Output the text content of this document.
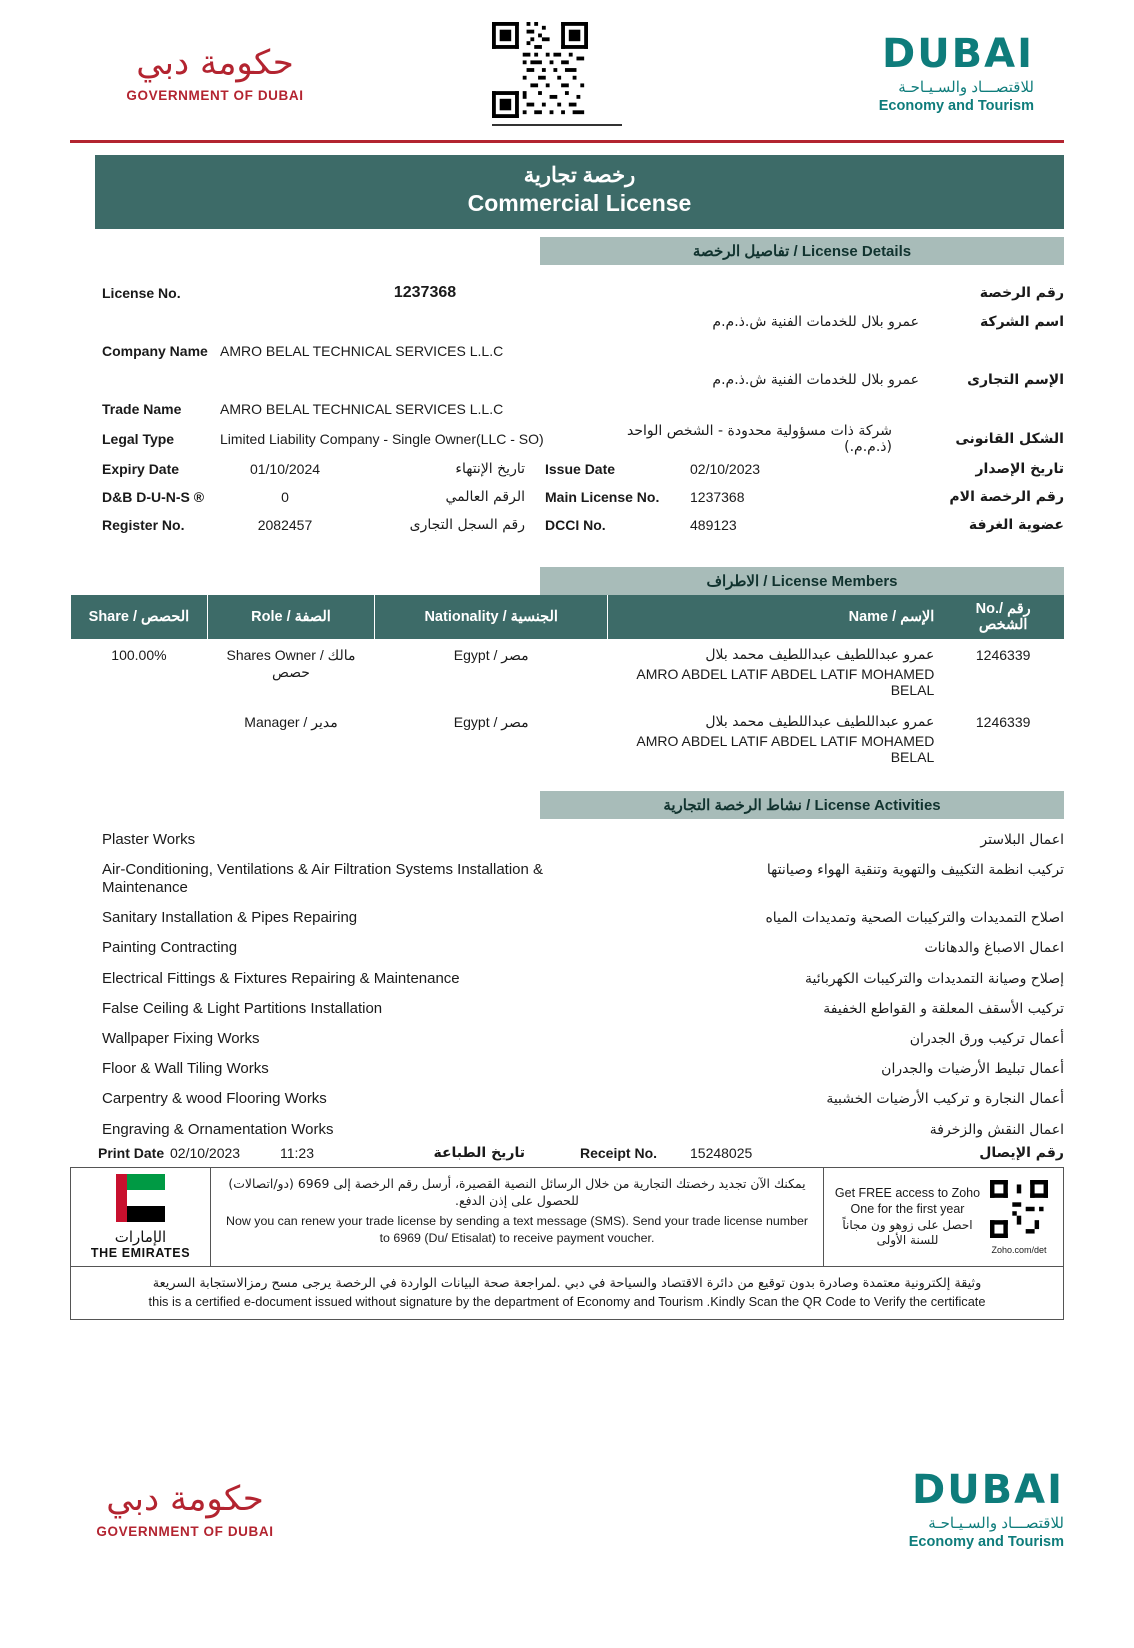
حكومة دبي
GOVERNMENT OF DUBAI
DUBAI
للاقتصـــاد والسـيـاحـة
Economy and Tourism
رخصة تجارية
Commercial License
تفاصيل الرخصة / License Details
License No.	1237368	رقم الرخصة
عمرو بلال للخدمات الفنية ش.ذ.م.م	اسم الشركة
Company Name AMRO BELAL TECHNICAL SERVICES L.L.C
عمرو بلال للخدمات الفنية ش.ذ.م.م	الإسم التجارى
Trade Name	AMRO BELAL TECHNICAL SERVICES L.L.C
Legal Type	Limited Liability Company - Single Owner(LLC - SO)	شركة ذات مسؤولية محدودة - الشخص الواحد (ذ.م.م.)	الشكل القانونى
Expiry Date	01/10/2024	تاريخ الإنتهاء	Issue Date	02/10/2023	تاريخ الإصدار
D&B D-U-N-S ®	0	الرقم العالمي	Main License No.	1237368	رقم الرخصة الام
Register No.	2082457	رقم السجل التجارى	DCCI No.	489123	عضوية الغرفة
الاطراف / License Members
Share / الحصص	Role / الصفة	Nationality / الجنسية	Name / الإسم	No./ رقم الشخص
100.00%	Shares Owner / مالك حصص	Egypt / مصر	عمرو عبداللطيف عبداللطيف محمد بلال
AMRO ABDEL LATIF ABDEL LATIF MOHAMED BELAL	1246339
	Manager / مدير	Egypt / مصر	عمرو عبداللطيف عبداللطيف محمد بلال
AMRO ABDEL LATIF ABDEL LATIF MOHAMED BELAL	1246339
نشاط الرخصة التجارية / License Activities
Plaster Works	اعمال البلاستر
Air-Conditioning, Ventilations & Air Filtration Systems Installation & Maintenance
تركيب انظمة التكييف والتهوية وتنقية الهواء وصيانتها
Sanitary Installation & Pipes Repairing	اصلاح التمديدات والتركيبات الصحية وتمديدات المياه
Painting Contracting	اعمال الاصباغ والدهانات
Electrical Fittings & Fixtures Repairing & Maintenance	إصلاح وصيانة التمديدات والتركيبات الكهربائية
False Ceiling & Light Partitions Installation	تركيب الأسقف المعلقة و القواطع الخفيفة
Wallpaper Fixing Works	أعمال تركيب ورق الجدران
Floor & Wall Tiling Works	أعمال تبليط الأرضيات والجدران
Carpentry & wood Flooring Works	أعمال النجارة و تركيب الأرضيات الخشبية
Engraving & Ornamentation Works	اعمال النقش والزخرفة
Print Date 02/10/2023	11:23	تاريخ الطباعة	Receipt No.	15248025	رقم الإيصال
الإمارات
THE EMIRATES
يمكنك الآن تجديد رخصتك التجارية من خلال الرسائل النصية القصيرة، أرسل رقم الرخصة إلى 6969 (دو/اتصالات) للحصول على إذن الدفع.
Now you can renew your trade license by sending a text message (SMS). Send your trade license number to 6969 (Du/ Etisalat) to receive payment voucher.
Get FREE access to Zoho One for the first year
احصل على زوهو ون مجاناً للسنة الأولى
Zoho.com/det
وثيقة إلكترونية معتمدة وصادرة بدون توقيع من دائرة الاقتصاد والسياحة في دبي .لمراجعة صحة البيانات الواردة في الرخصة يرجى مسح رمزالاستجابة السريعة
this is a certified e-document issued without signature by the department of Economy and Tourism .Kindly Scan the QR Code to Verify the certificate
حكومة دبي
GOVERNMENT OF DUBAI
DUBAI
للاقتصـــاد والسـيـاحـة
Economy and Tourism
